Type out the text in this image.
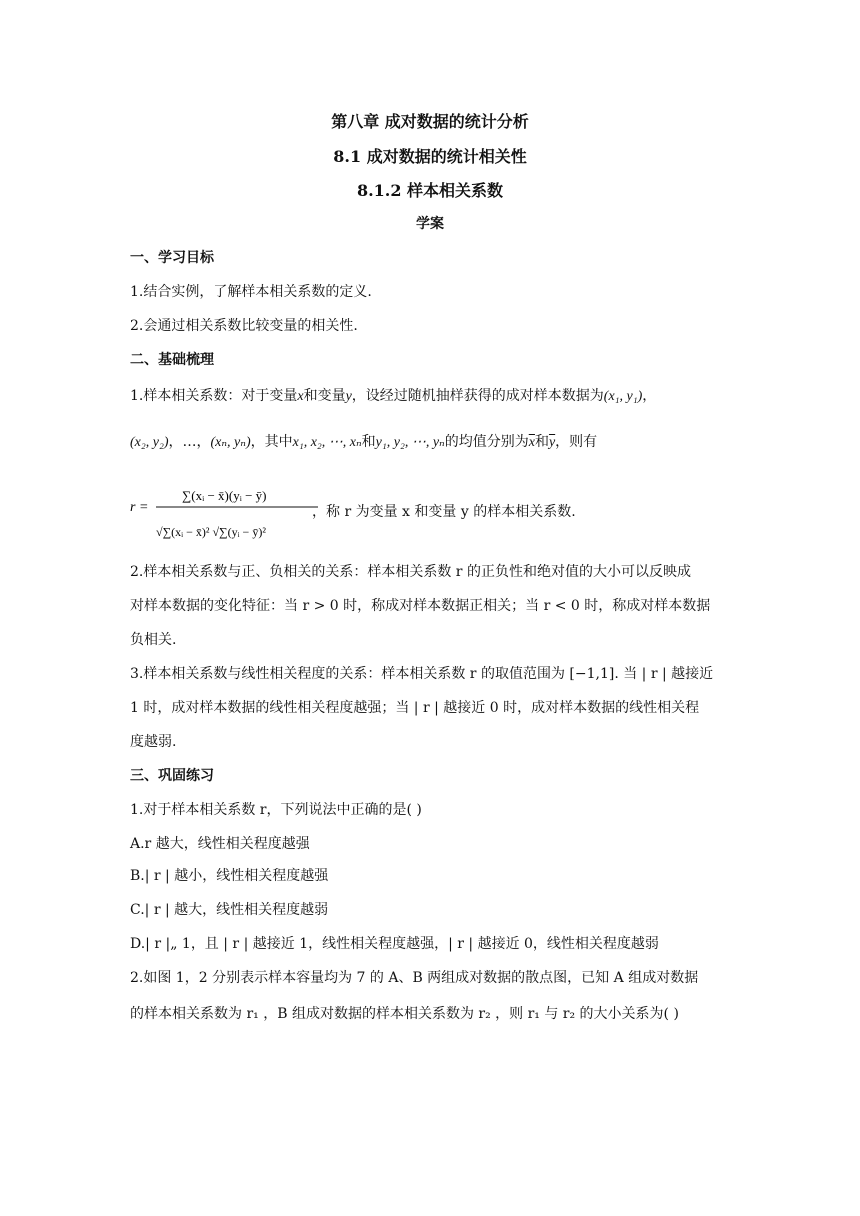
第八章 成对数据的统计分析
8.1 成对数据的统计相关性
8.1.2 样本相关系数
学案
一、学习目标
1.结合实例，了解样本相关系数的定义.
2.会通过相关系数比较变量的相关性.
二、基础梳理
1.样本相关系数：对于变量x和变量y，设经过随机抽样获得的成对样本数据为(x₁, y₁)，
(x₂, y₂)，…，(xₙ, yₙ)，其中x₁, x₂, ⋯, xₙ和y₁, y₂, ⋯, yₙ的均值分别为$\overline{x}$和$\overline{y}$，则有
r =
∑(xᵢ − x̄)(yᵢ − ȳ)
√∑(xᵢ − x̄)² √∑(yᵢ − ȳ)²
，称 r 为变量 x 和变量 y 的样本相关系数.
2.样本相关系数与正、负相关的关系：样本相关系数 r 的正负性和绝对值的大小可以反映成
对样本数据的变化特征：当 r > 0 时，称成对样本数据正相关；当 r < 0 时，称成对样本数据
负相关.
3.样本相关系数与线性相关程度的关系：样本相关系数 r 的取值范围为 [−1,1]. 当 | r | 越接近
1 时，成对样本数据的线性相关程度越强；当 | r | 越接近 0 时，成对样本数据的线性相关程
度越弱.
三、巩固练习
1.对于样本相关系数 r，下列说法中正确的是( )
A.r 越大，线性相关程度越强
B.| r | 越小，线性相关程度越强
C.| r | 越大，线性相关程度越弱
D.| r |„ 1，且 | r | 越接近 1，线性相关程度越强，| r | 越接近 0，线性相关程度越弱
2.如图 1，2 分别表示样本容量均为 7 的 A、B 两组成对数据的散点图，已知 A 组成对数据
的样本相关系数为 r₁ ，B 组成对数据的样本相关系数为 r₂ ，则 r₁ 与 r₂ 的大小关系为( )
